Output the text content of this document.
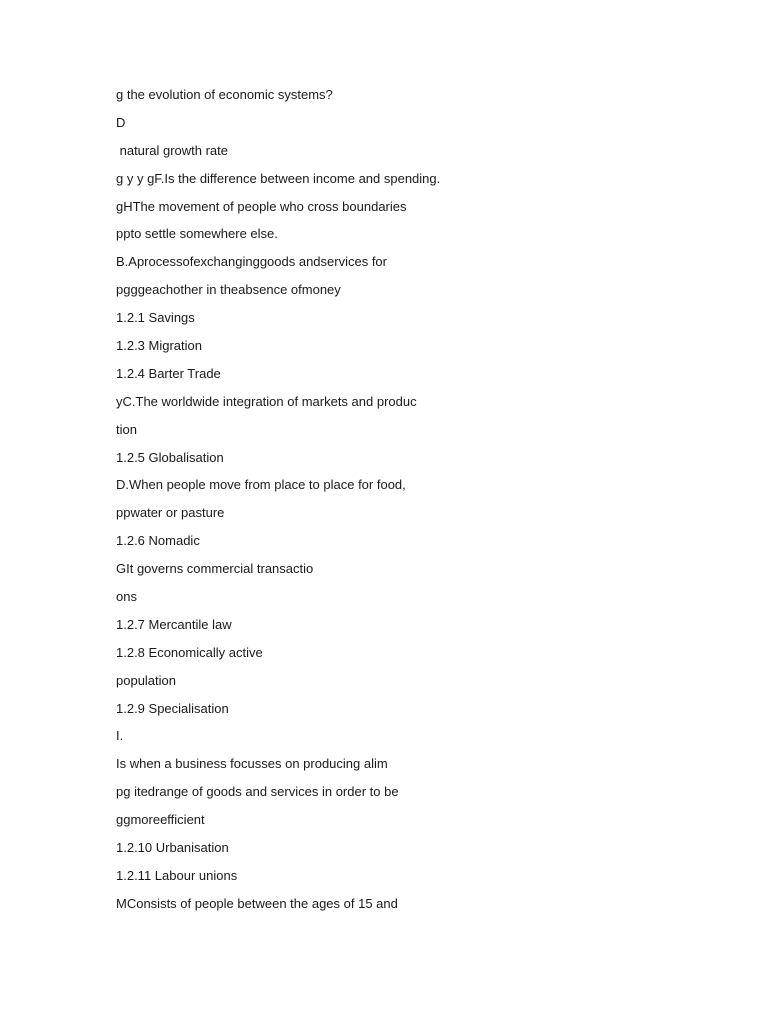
g the evolution of economic systems?

D

natural growth rate

g y y gF.Is the difference between income and spending.

gHThe movement of people who cross boundaries

ppto settle somewhere else.

B.Aprocessofexchanginggoods andservices for

pgggeachother in theabsence ofmoney

1.2.1 Savings

1.2.3 Migration

1.2.4 Barter Trade

yC.The worldwide integration of markets and produc

tion

1.2.5 Globalisation

D.When people move from place to place for food,

ppwater or pasture

1.2.6 Nomadic

GIt governs commercial transactio

ons

1.2.7 Mercantile law

1.2.8 Economically active

population

1.2.9 Specialisation

I.

Is when a business focusses on producing alim

pg itedrange of goods and services in order to be

ggmoreefficient

1.2.10 Urbanisation

1.2.11 Labour unions

MConsists of people between the ages of 15 and
